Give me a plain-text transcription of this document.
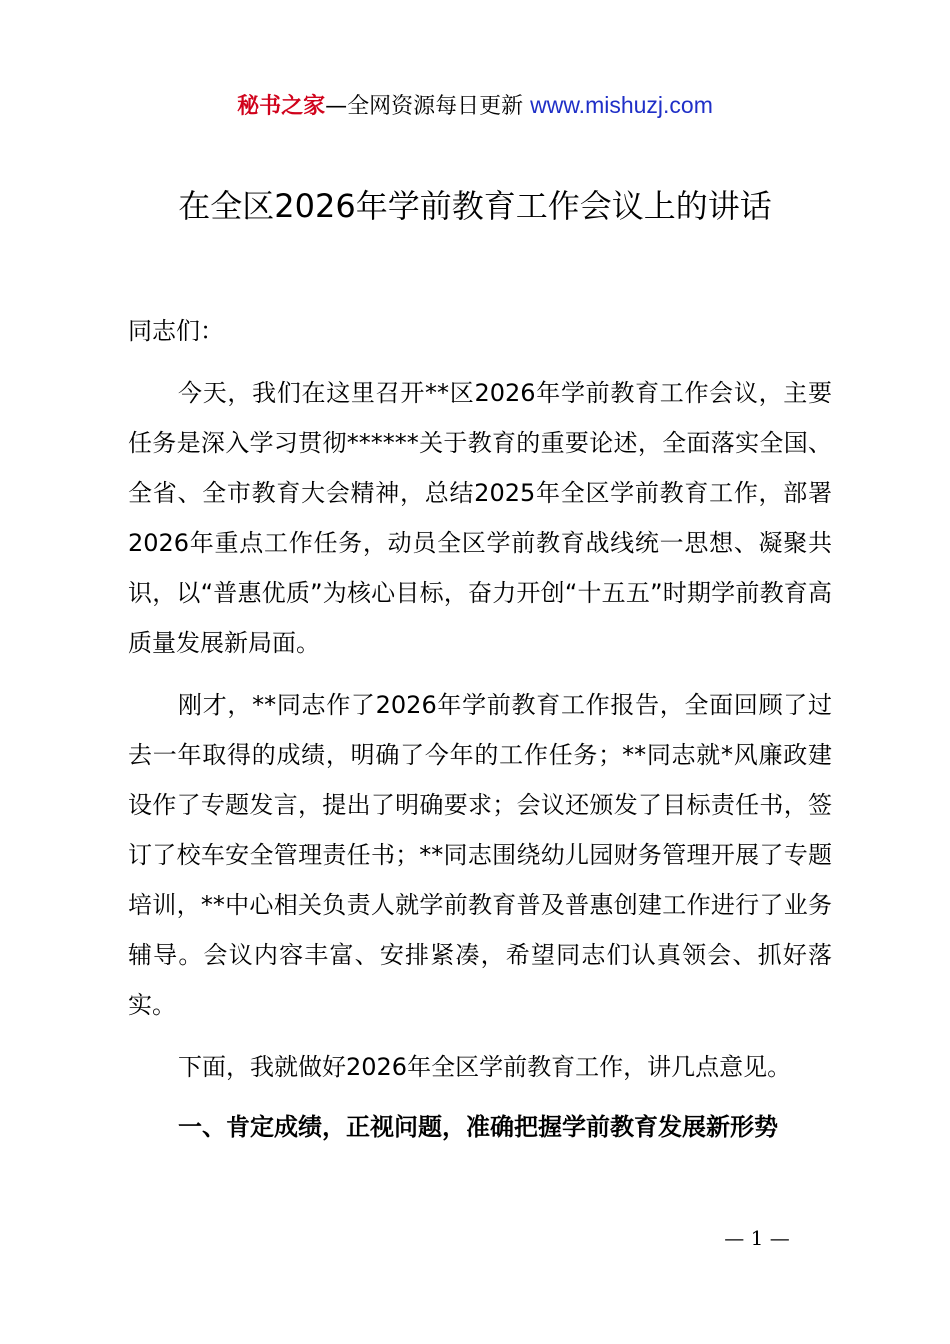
秘书之家—全网资源每日更新 www.mishuzj.com
在全区2026年学前教育工作会议上的讲话
同志们：

今天，我们在这里召开**区2026年学前教育工作会议，主要任务是深入学习贯彻******关于教育的重要论述，全面落实全国、全省、全市教育大会精神，总结2025年全区学前教育工作，部署2026年重点工作任务，动员全区学前教育战线统一思想、凝聚共识，以“普惠优质”为核心目标，奋力开创“十五五”时期学前教育高质量发展新局面。

刚才，**同志作了2026年学前教育工作报告，全面回顾了过去一年取得的成绩，明确了今年的工作任务；**同志就*风廉政建设作了专题发言，提出了明确要求；会议还颁发了目标责任书，签订了校车安全管理责任书；**同志围绕幼儿园财务管理开展了专题培训，**中心相关负责人就学前教育普及普惠创建工作进行了业务辅导。会议内容丰富、安排紧凑，希望同志们认真领会、抓好落实。

下面，我就做好2026年全区学前教育工作，讲几点意见。

一、肯定成绩，正视问题，准确把握学前教育发展新形势

— 1 —
